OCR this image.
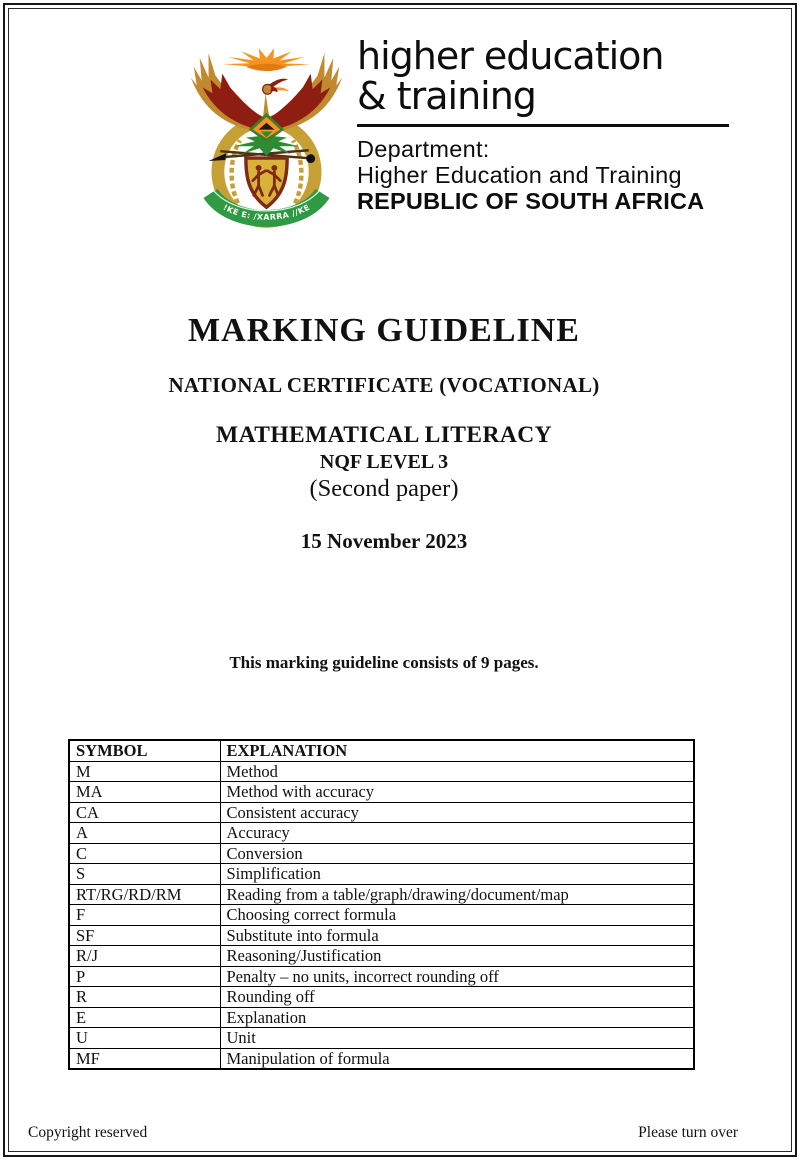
!KE E: /XARRA //KE
higher education
& training
Department:
Higher Education and Training
REPUBLIC OF SOUTH AFRICA
MARKING GUIDELINE
NATIONAL CERTIFICATE (VOCATIONAL)
MATHEMATICAL LITERACY
NQF LEVEL 3
(Second paper)
15 November 2023
This marking guideline consists of 9 pages.
SYMBOL	EXPLANATION
M	Method
MA	Method with accuracy
CA	Consistent accuracy
A	Accuracy
C	Conversion
S	Simplification
RT/RG/RD/RM	Reading from a table/graph/drawing/document/map
F	Choosing correct formula
SF	Substitute into formula
R/J	Reasoning/Justification
P	Penalty – no units, incorrect rounding off
R	Rounding off
E	Explanation
U	Unit
MF	Manipulation of formula
Copyright reserved	Please turn over
